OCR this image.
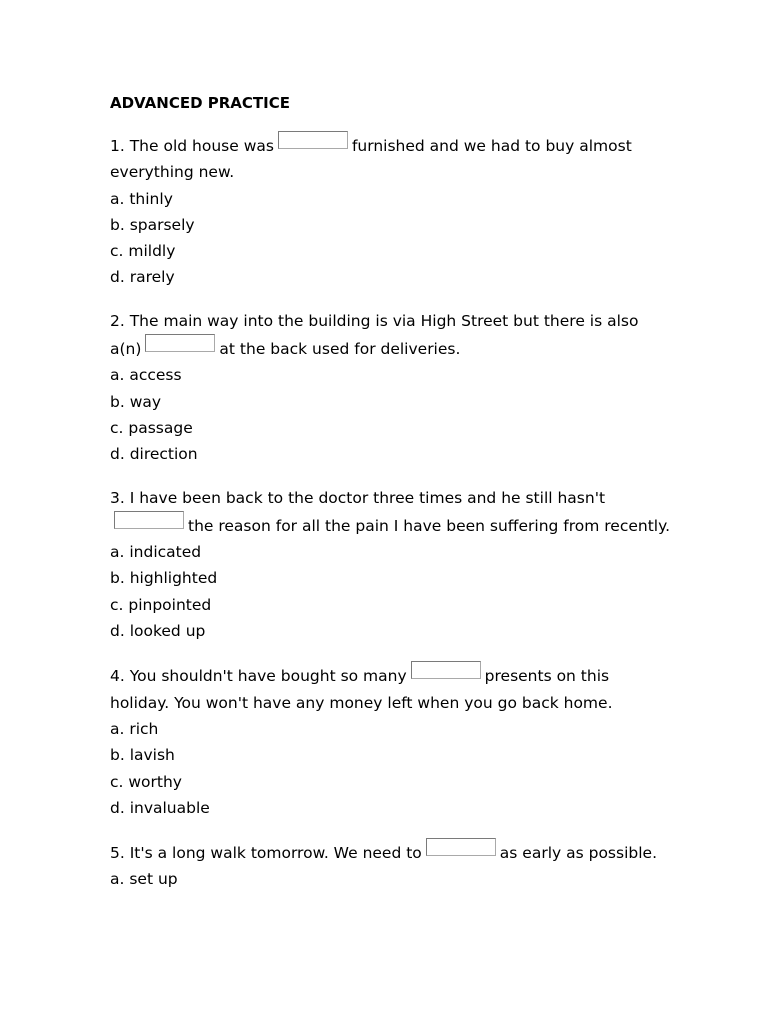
ADVANCED PRACTICE

1. The old house was	furnished and we had to buy almost everything new.

a. thinly
b. sparsely
c. mildly
d. rarely

2. The main way into the building is via High Street but there is also a(n)	at the back used for deliveries.

a. access
b. way
c. passage
d. direction

3. I have been back to the doctor three times and he still hasn'tthe reason for all the pain I have been suffering from recently.

a. indicated
b. highlighted
c. pinpointed
d. looked up

4. You shouldn't have bought so many	presents on this holiday. You won't have any money left when you go back home.

a. rich
b. lavish
c. worthy
d. invaluable

5. It's a long walk tomorrow. We need to	as early as possible.

a. set up
